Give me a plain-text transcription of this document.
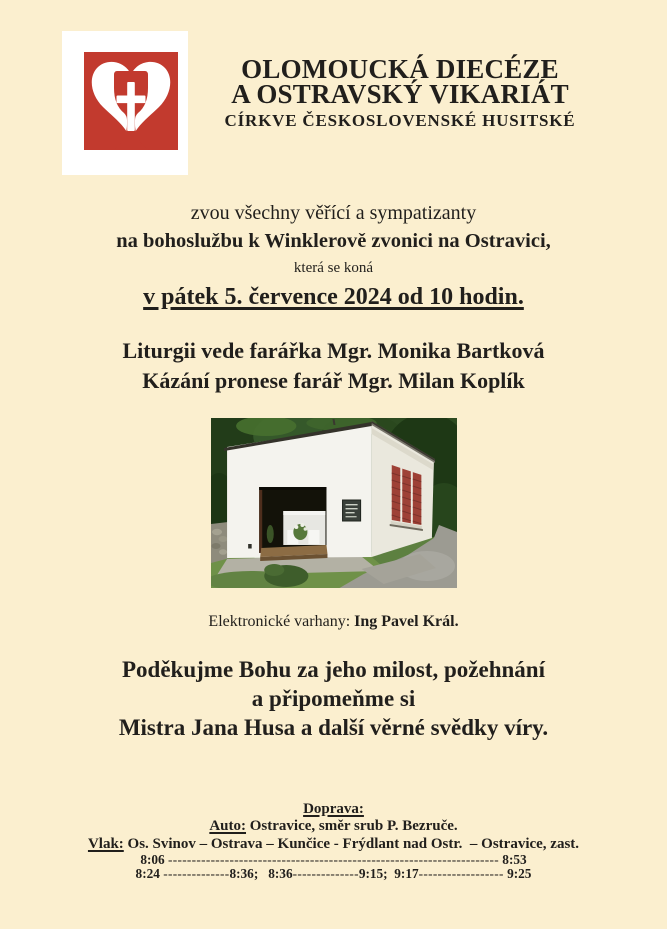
OLOMOUCKÁ DIECÉZE
A OSTRAVSKÝ VIKARIÁT
CÍRKVE ČESKOSLOVENSKÉ HUSITSKÉ
zvou všechny věřící a sympatizanty
na bohoslužbu k Winklerově zvonici na Ostravici,
která se koná
v pátek 5. července 2024 od 10 hodin.
Liturgii vede farářka Mgr. Monika Bartková
Kázání pronese farář Mgr. Milan Koplík
Elektronické varhany: Ing Pavel Král.
Poděkujme Bohu za jeho milost, požehnání
a připomeňme si
Mistra Jana Husa a další věrné svědky víry.
Doprava:
Auto: Ostravice, směr srub P. Bezruče.
Vlak: Os. Svinov – Ostrava – Kunčice - Frýdlant nad Ostr.  – Ostravice, zast.
8:06 ---------------------------------------------------------------------- 8:53
8:24 --------------8:36;   8:36--------------9:15;  9:17------------------ 9:25
